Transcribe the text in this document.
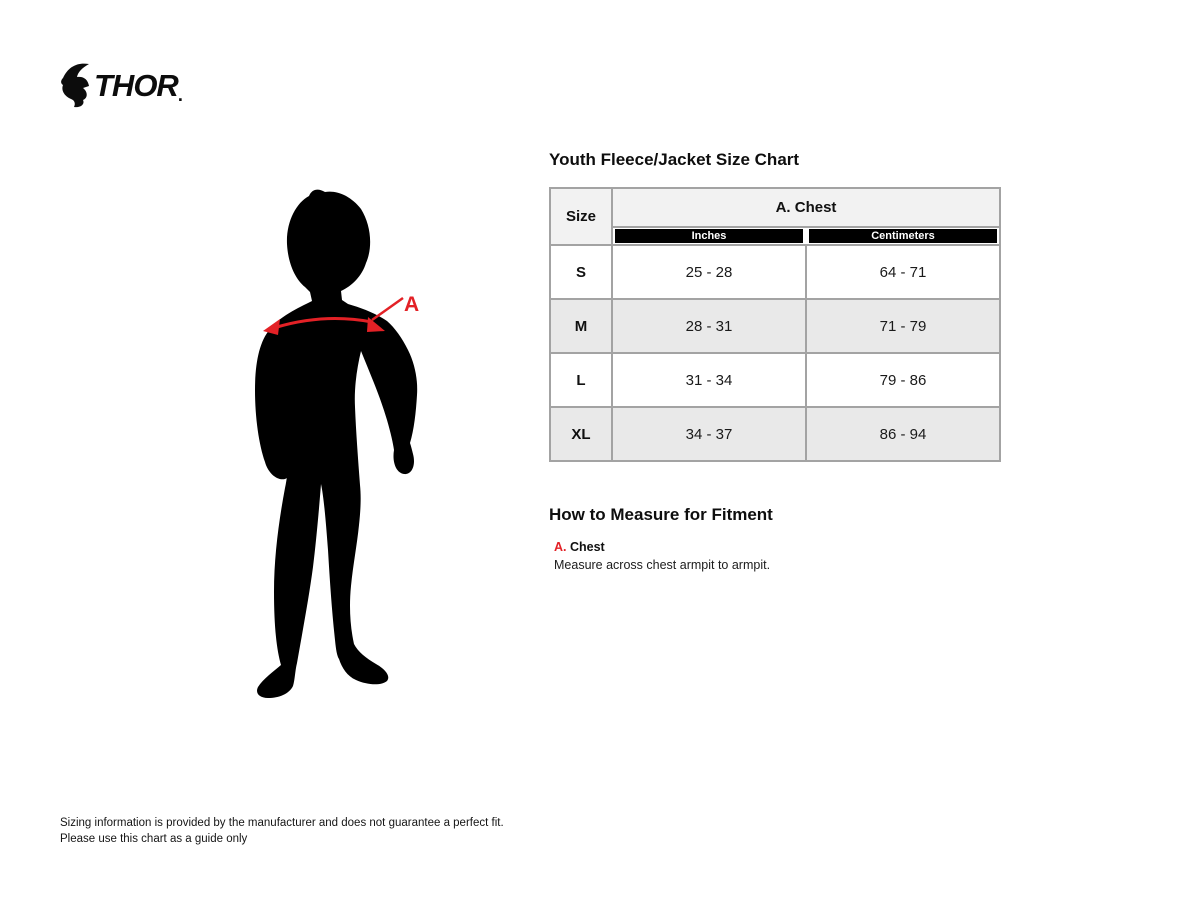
THOR .
A
Youth Fleece/Jacket Size Chart
Size	A. Chest	

	Inches	Centimeters

S	25 - 28	64 - 71
M	28 - 31	71 - 79
L	31 - 34	79 - 86
XL	34 - 37	86 - 94
How to Measure for Fitment
A. Chest
Measure across chest armpit to armpit.
Sizing information is provided by the manufacturer and does not guarantee a perfect fit.
Please use this chart as a guide only
